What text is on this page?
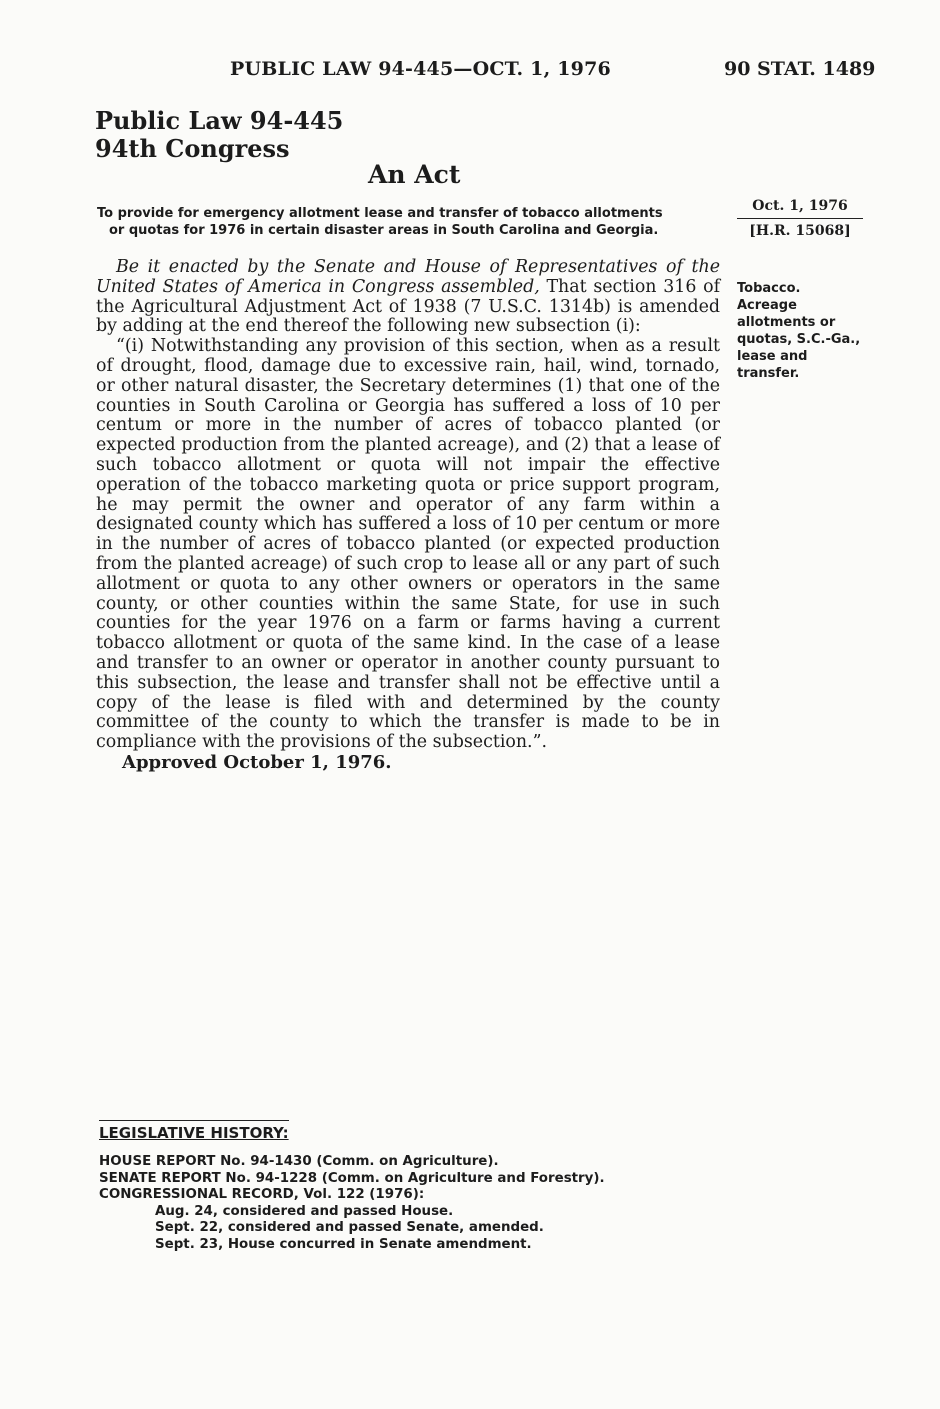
PUBLIC LAW 94-445—OCT. 1, 1976	90 STAT. 1489
Public Law 94-445
94th Congress
An Act
To provide for emergency allotment lease and transfer of tobacco allotments
or quotas for 1976 in certain disaster areas in South Carolina and Georgia.
Oct. 1, 1976
[H.R. 15068]

Be it enacted by the Senate and House of Representatives of the United States of America in Congress assembled, That section 316 of the Agricultural Adjustment Act of 1938 (7 U.S.C. 1314b) is amended by adding at the end thereof the following new subsection (i):

“(i) Notwithstanding any provision of this section, when as a result of drought, flood, damage due to excessive rain, hail, wind, tornado, or other natural disaster, the Secretary determines (1) that one of the counties in South Carolina or Georgia has suffered a loss of 10 per centum or more in the number of acres of tobacco planted (or expected production from the planted acreage), and (2) that a lease of such tobacco allotment or quota will not impair the effective operation of the tobacco marketing quota or price support program, he may permit the owner and operator of any farm within a designated county which has suffered a loss of 10 per centum or more in the number of acres of tobacco planted (or expected production from the planted acreage) of such crop to lease all or any part of such allotment or quota to any other owners or operators in the same county, or other counties within the same State, for use in such counties for the year 1976 on a farm or farms having a current tobacco allotment or quota of the same kind. In the case of a lease and transfer to an owner or operator in another county pursuant to this subsection, the lease and transfer shall not be effective until a copy of the lease is filed with and determined by the county committee of the county to which the transfer is made to be in compliance with the provisions of the subsection.”.

Tobacco.
Acreage
allotments or
quotas, S.C.-Ga.,
lease and
transfer.
Approved October 1, 1976.
LEGISLATIVE HISTORY:
HOUSE REPORT No. 94-1430 (Comm. on Agriculture).
SENATE REPORT No. 94-1228 (Comm. on Agriculture and Forestry).
CONGRESSIONAL RECORD, Vol. 122 (1976):
Aug. 24, considered and passed House.
Sept. 22, considered and passed Senate, amended.
Sept. 23, House concurred in Senate amendment.
